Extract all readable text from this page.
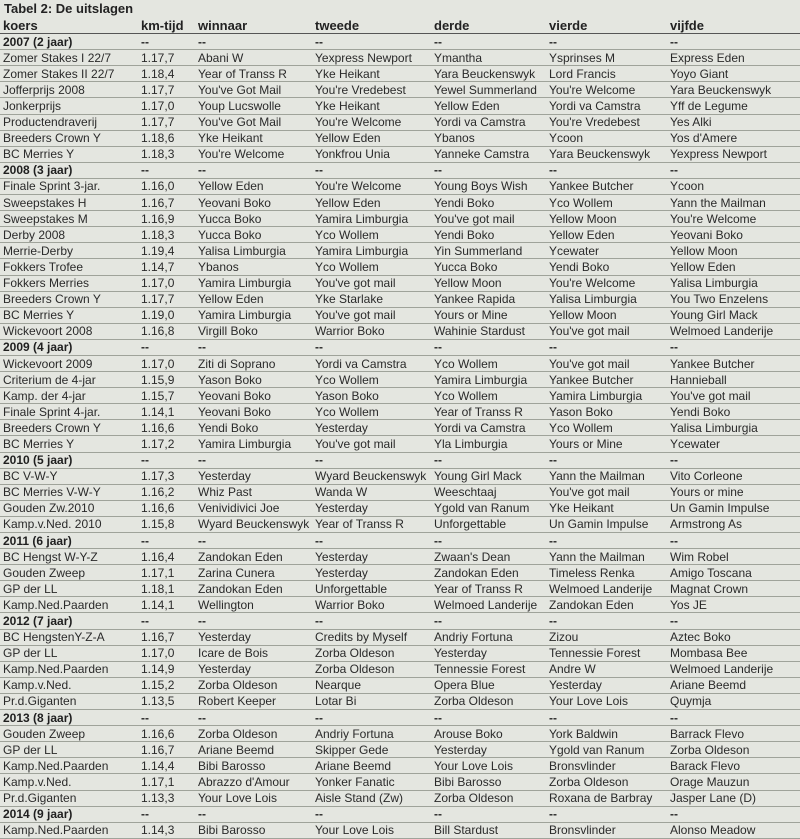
Tabel 2: De uitslagen
koers	km-tijd	winnaar	tweede	derde	vierde	vijfde
2007 (2 jaar)	--	--	--	--	--	--
Zomer Stakes I 22/7	1.17,7	Abani W	Yexpress Newport	Ymantha	Ysprinses M	Express Eden
Zomer Stakes II 22/7	1.18,4	Year of Transs R	Yke Heikant	Yara Beuckenswyk	Lord Francis	Yoyo Giant
Jofferprijs 2008	1.17,7	You've Got Mail	You're Vredebest	Yewel Summerland	You're Welcome	Yara Beuckenswyk
Jonkerprijs	1.17,0	Youp Lucswolle	Yke Heikant	Yellow Eden	Yordi va Camstra	Yff de Legume
Productendraverij	1.17,7	You've Got Mail	You're Welcome	Yordi va Camstra	You're Vredebest	Yes Alki
Breeders Crown Y	1.18,6	Yke Heikant	Yellow Eden	Ybanos	Ycoon	Yos d'Amere
BC Merries Y	1.18,3	You're Welcome	Yonkfrou Unia	Yanneke Camstra	Yara Beuckenswyk	Yexpress Newport
2008 (3 jaar)	--	--	--	--	--	--
Finale Sprint 3-jar.	1.16,0	Yellow Eden	You're Welcome	Young Boys Wish	Yankee Butcher	Ycoon
Sweepstakes H	1.16,7	Yeovani Boko	Yellow Eden	Yendi Boko	Yco Wollem	Yann the Mailman
Sweepstakes M	1.16,9	Yucca Boko	Yamira Limburgia	You've got mail	Yellow Moon	You're Welcome
Derby 2008	1.18,3	Yucca Boko	Yco Wollem	Yendi Boko	Yellow Eden	Yeovani Boko
Merrie-Derby	1.19,4	Yalisa Limburgia	Yamira Limburgia	Yin Summerland	Ycewater	Yellow Moon
Fokkers Trofee	1.14,7	Ybanos	Yco Wollem	Yucca Boko	Yendi Boko	Yellow Eden
Fokkers Merries	1.17,0	Yamira Limburgia	You've got mail	Yellow Moon	You're Welcome	Yalisa Limburgia
Breeders Crown Y	1.17,7	Yellow Eden	Yke Starlake	Yankee Rapida	Yalisa Limburgia	You Two Enzelens
BC Merries Y	1.19,0	Yamira Limburgia	You've got mail	Yours or Mine	Yellow Moon	Young Girl Mack
Wickevoort 2008	1.16,8	Virgill Boko	Warrior Boko	Wahinie Stardust	You've got mail	Welmoed Landerije
2009 (4 jaar)	--	--	--	--	--	--
Wickevoort 2009	1.17,0	Ziti di Soprano	Yordi va Camstra	Yco Wollem	You've got mail	Yankee Butcher
Criterium de 4-jar	1.15,9	Yason Boko	Yco Wollem	Yamira Limburgia	Yankee Butcher	Hannieball
Kamp. der 4-jar	1.15,7	Yeovani Boko	Yason Boko	Yco Wollem	Yamira Limburgia	You've got mail
Finale Sprint 4-jar.	1.14,1	Yeovani Boko	Yco Wollem	Year of Transs R	Yason Boko	Yendi Boko
Breeders Crown Y	1.16,6	Yendi Boko	Yesterday	Yordi va Camstra	Yco Wollem	Yalisa Limburgia
BC Merries Y	1.17,2	Yamira Limburgia	You've got mail	Yla Limburgia	Yours or Mine	Ycewater
2010 (5 jaar)	--	--	--	--	--	--
BC V-W-Y	1.17,3	Yesterday	Wyard Beuckenswyk	Young Girl Mack	Yann the Mailman	Vito Corleone
BC Merries V-W-Y	1.16,2	Whiz Past	Wanda W	Weeschtaaj	You've got mail	Yours or mine
Gouden Zw.2010	1.16,6	Venividivici Joe	Yesterday	Ygold van Ranum	Yke Heikant	Un Gamin Impulse
Kamp.v.Ned. 2010	1.15,8	Wyard Beuckenswyk	Year of Transs R	Unforgettable	Un Gamin Impulse	Armstrong As
2011 (6 jaar)	--	--	--	--	--	--
BC Hengst W-Y-Z	1.16,4	Zandokan Eden	Yesterday	Zwaan's Dean	Yann the Mailman	Wim Robel
Gouden Zweep	1.17,1	Zarina Cunera	Yesterday	Zandokan Eden	Timeless Renka	Amigo Toscana
GP der LL	1.18,1	Zandokan Eden	Unforgettable	Year of Transs R	Welmoed Landerije	Magnat Crown
Kamp.Ned.Paarden	1.14,1	Wellington	Warrior Boko	Welmoed Landerije	Zandokan Eden	Yos JE
2012 (7 jaar)	--	--	--	--	--	--
BC HengstenY-Z-A	1.16,7	Yesterday	Credits by Myself	Andriy Fortuna	Zizou	Aztec Boko
GP der LL	1.17,0	Icare de Bois	Zorba Oldeson	Yesterday	Tennessie Forest	Mombasa Bee
Kamp.Ned.Paarden	1.14,9	Yesterday	Zorba Oldeson	Tennessie Forest	Andre W	Welmoed Landerije
Kamp.v.Ned.	1.15,2	Zorba Oldeson	Nearque	Opera Blue	Yesterday	Ariane Beemd
Pr.d.Giganten	1.13,5	Robert Keeper	Lotar Bi	Zorba Oldeson	Your Love Lois	Quymja
2013 (8 jaar)	--	--	--	--	--	--
Gouden Zweep	1.16,6	Zorba Oldeson	Andriy Fortuna	Arouse Boko	York Baldwin	Barrack Flevo
GP der LL	1.16,7	Ariane Beemd	Skipper Gede	Yesterday	Ygold van Ranum	Zorba Oldeson
Kamp.Ned.Paarden	1.14,4	Bibi Barosso	Ariane Beemd	Your Love Lois	Bronsvlinder	Barack Flevo
Kamp.v.Ned.	1.17,1	Abrazzo d'Amour	Yonker Fanatic	Bibi Barosso	Zorba Oldeson	Orage Mauzun
Pr.d.Giganten	1.13,3	Your Love Lois	Aisle Stand (Zw)	Zorba Oldeson	Roxana de Barbray	Jasper Lane (D)
2014 (9 jaar)	--	--	--	--	--	--
Kamp.Ned.Paarden	1.14,3	Bibi Barosso	Your Love Lois	Bill Stardust	Bronsvlinder	Alonso Meadow
